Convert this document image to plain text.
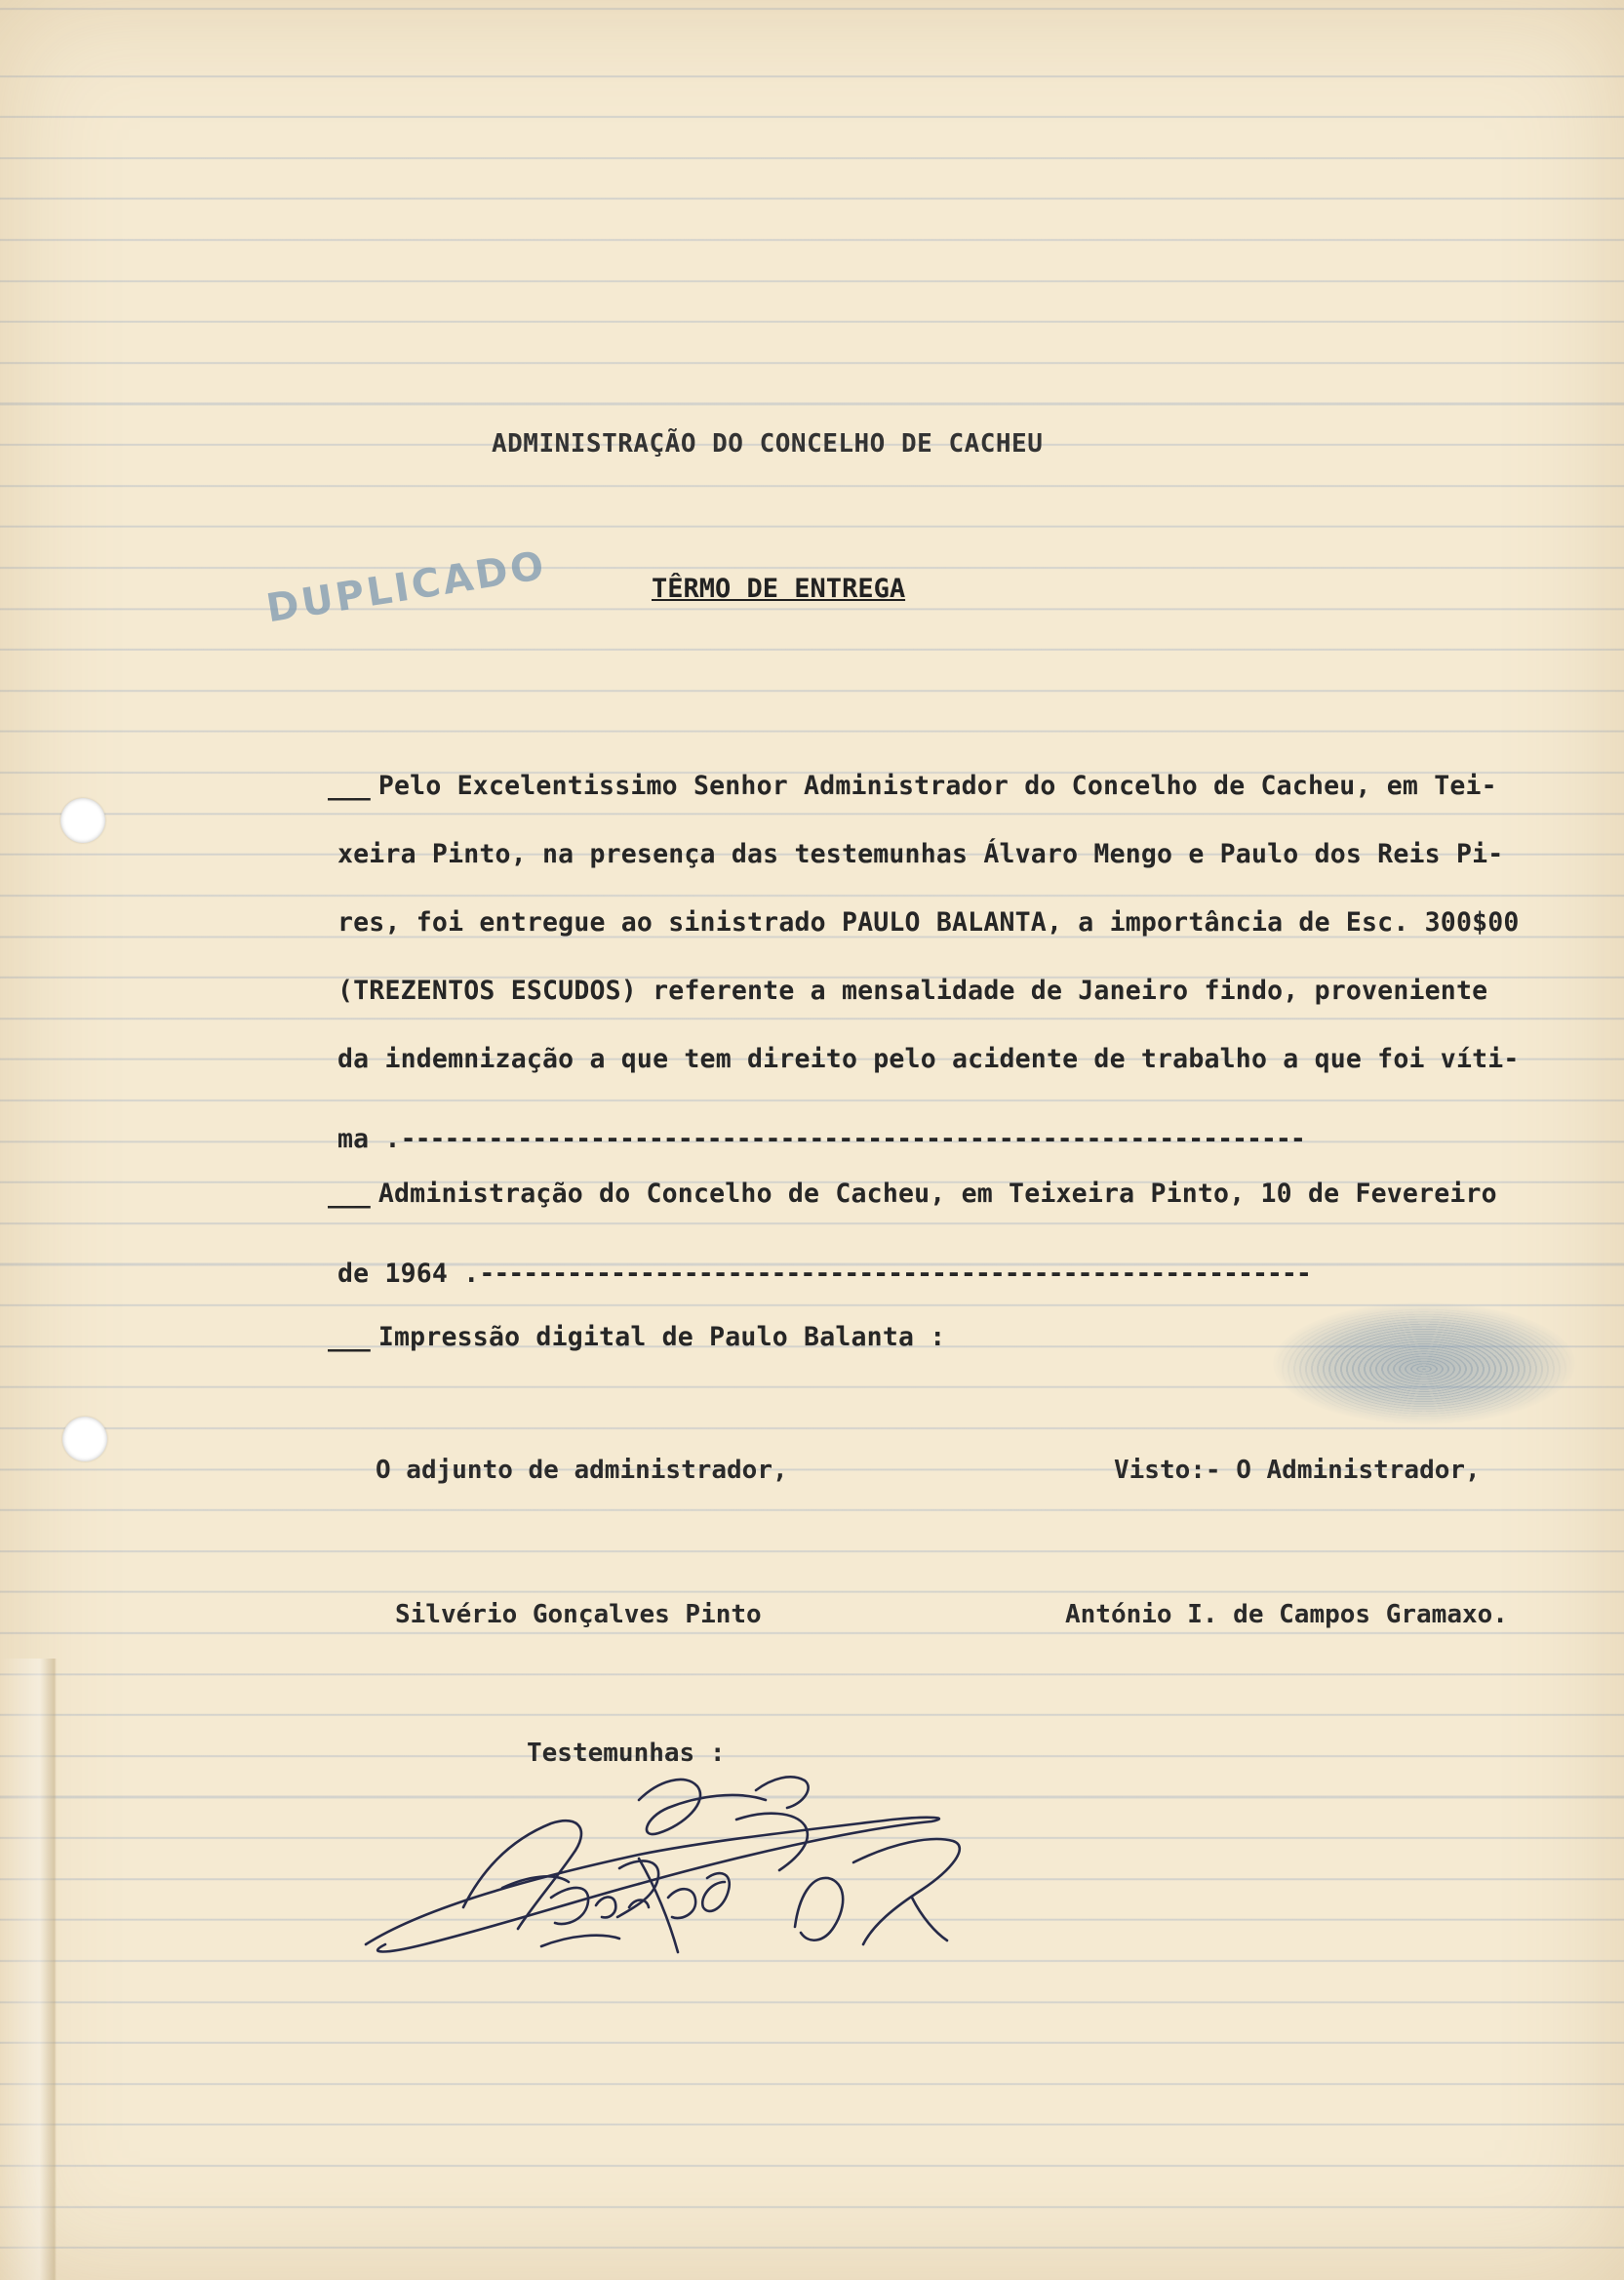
ADMINISTRAÇÃO DO CONCELHO DE CACHEU
DUPLICADO	TÊRMO DE ENTREGA
___ Pelo Excelentissimo Senhor Administrador do Concelho de Cacheu, em Tei-
xeira Pinto, na presença das testemunhas Álvaro Mengo e Paulo dos Reis Pi-
res, foi entregue ao sinistrado PAULO BALANTA, a importância de Esc. 300$00
(TREZENTOS ESCUDOS) referente a mensalidade de Janeiro findo, proveniente
da indemnização a que tem direito pelo acidente de trabalho a que foi víti-
ma .--------------------------------------------------------------
___ Administração do Concelho de Cacheu, em Teixeira Pinto, 10 de Fevereiro
de 1964 .---------------------------------------------------------
___ Impressão digital de Paulo Balanta :
O adjunto de administrador,	Visto:- O Administrador,
Silvério Gonçalves Pinto	António I. de Campos Gramaxo.
Testemunhas :
